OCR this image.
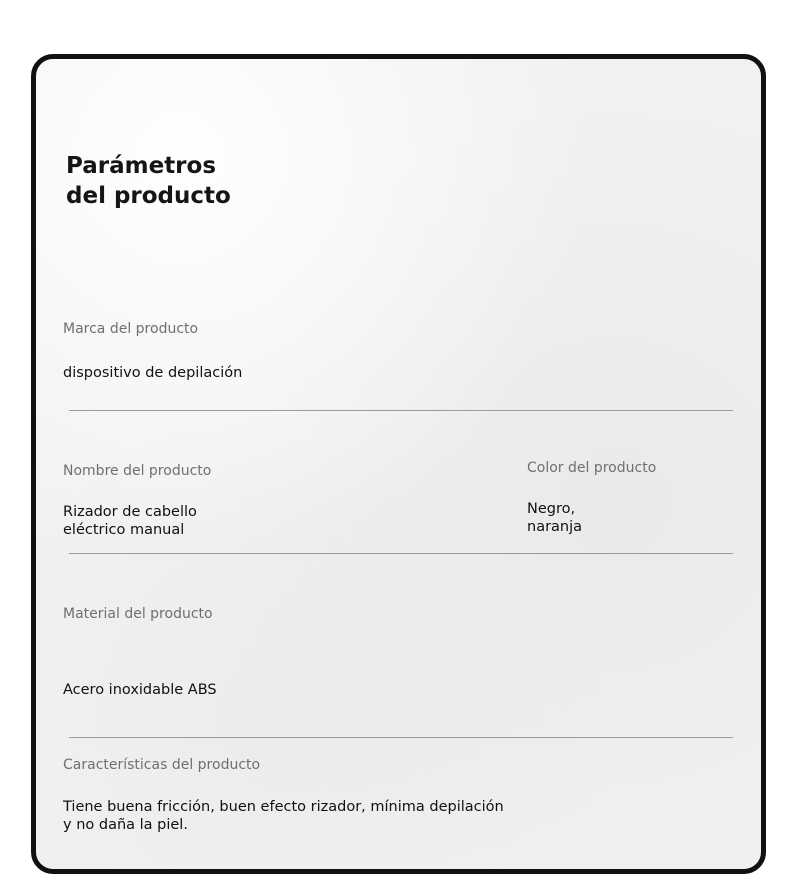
Parámetros
del producto

Marca del producto

dispositivo de depilación

Nombre del producto

Rizador de cabello
eléctrico manual

Color del producto

Negro,
naranja

Material del producto

Acero inoxidable ABS

Características del producto

Tiene buena fricción, buen efecto rizador, mínima depilación
y no daña la piel.
